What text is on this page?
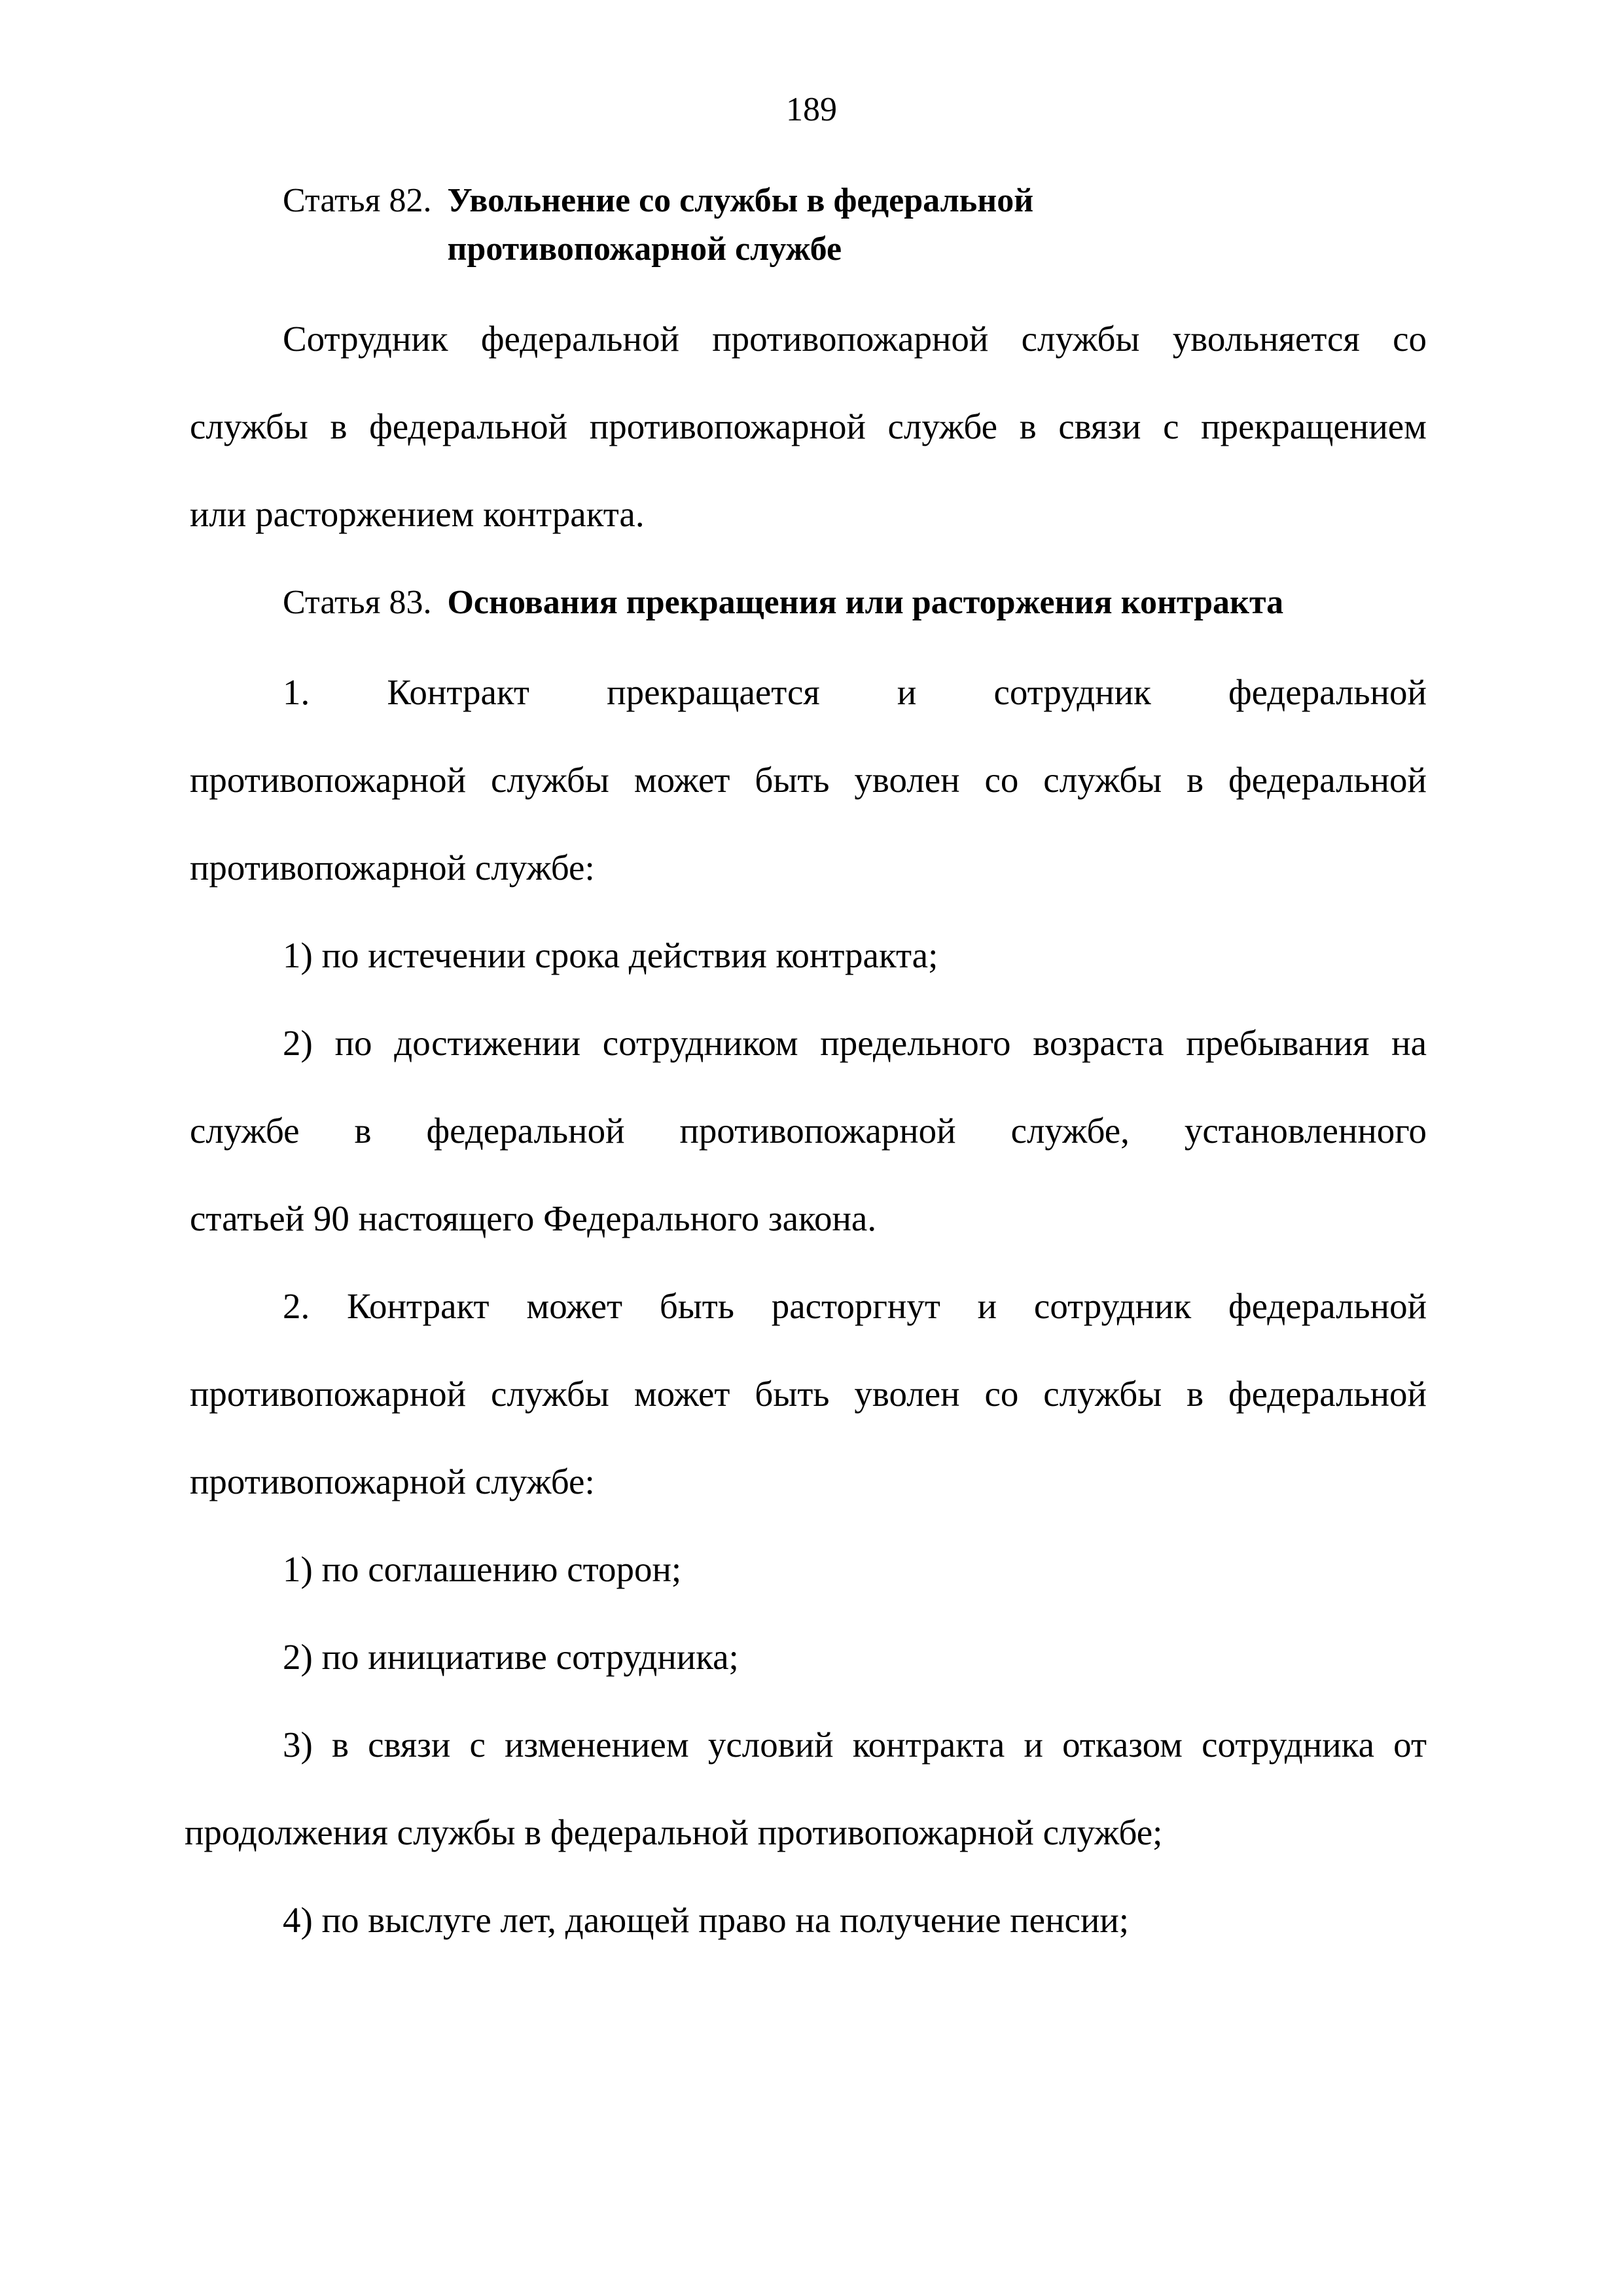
189
Статья 82. Увольнение со службы в федеральной
противопожарной службе
Сотрудник федеральной противопожарной службы увольняется со
службы в федеральной противопожарной службе в связи с прекращением
или расторжением контракта.
Статья 83. Основания прекращения или расторжения контракта
1. Контракт прекращается и сотрудник федеральной
противопожарной службы может быть уволен со службы в федеральной
противопожарной службе:
1) по истечении срока действия контракта;
2) по достижении сотрудником предельного возраста пребывания на
службе в федеральной противопожарной службе, установленного
статьей 90 настоящего Федерального закона.
2. Контракт может быть расторгнут и сотрудник федеральной
противопожарной службы может быть уволен со службы в федеральной
противопожарной службе:
1) по соглашению сторон;
2) по инициативе сотрудника;
3) в связи с изменением условий контракта и отказом сотрудника от
продолжения службы в федеральной противопожарной службе;
4) по выслуге лет, дающей право на получение пенсии;
